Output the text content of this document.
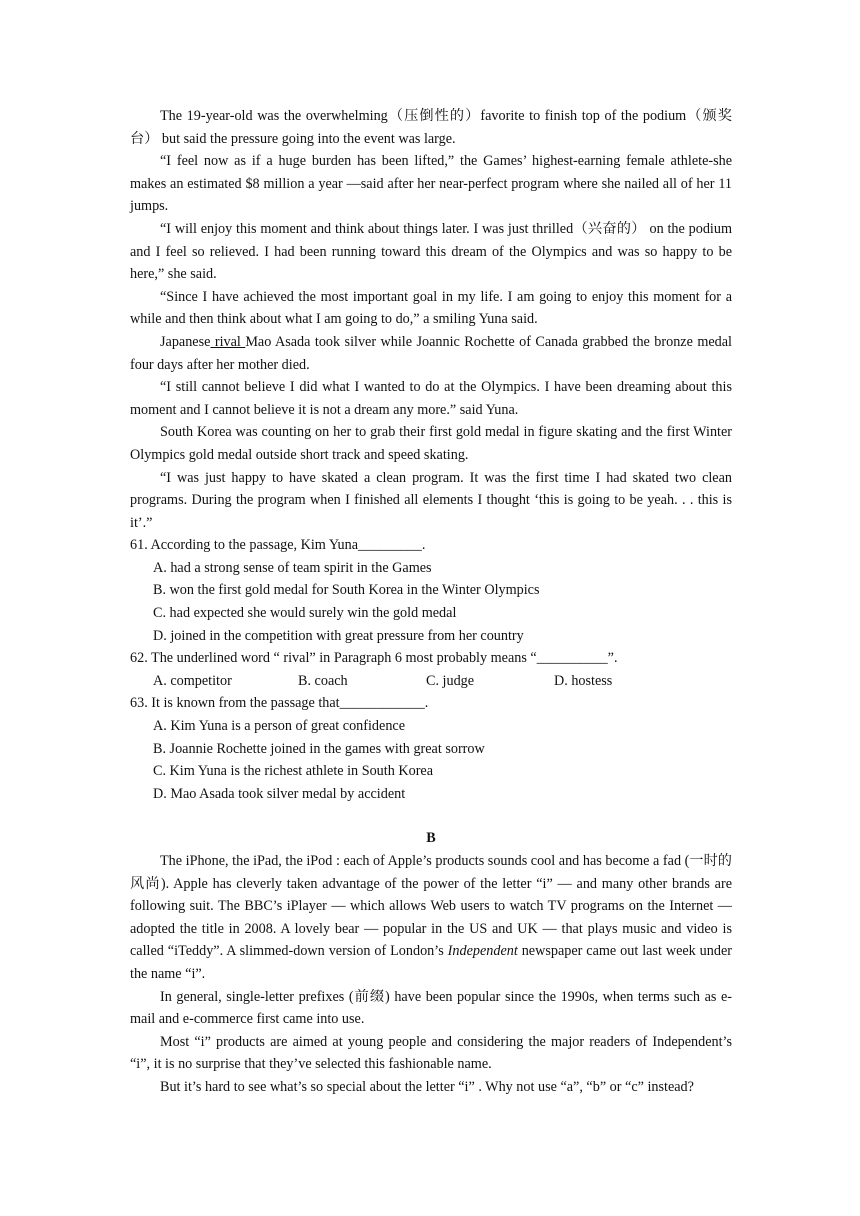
The 19-year-old was the overwhelming（压倒性的）favorite to finish top of the podium（颁奖台） but said the pressure going into the event was large.

“I feel now as if a huge burden has been lifted,” the Games’ highest-earning female athlete-she makes an estimated $8 million a year —said after her near-perfect program where she nailed all of her 11 jumps.

“I will enjoy this moment and think about things later. I was just thrilled（兴奋的） on the podium and I feel so relieved. I had been running toward this dream of the Olympics and was so happy to be here,” she said.

“Since I have achieved the most important goal in my life. I am going to enjoy this moment for a while and then think about what I am going to do,” a smiling Yuna said.

Japanese rival Mao Asada took silver while Joannic Rochette of Canada grabbed the bronze medal four days after her mother died.

“I still cannot believe I did what I wanted to do at the Olympics. I have been dreaming about this moment and I cannot believe it is not a dream any more.” said Yuna.

South Korea was counting on her to grab their first gold medal in figure skating and the first Winter Olympics gold medal outside short track and speed skating.

“I was just happy to have skated a clean program. It was the first time I had skated two clean programs. During the program when I finished all elements I thought ‘this is going to be yeah. . . this is it’.”

61. According to the passage, Kim Yuna_________.

A. had a strong sense of team spirit in the Games

B. won the first gold medal for South Korea in the Winter Olympics

C. had expected she would surely win the gold medal

D. joined in the competition with great pressure from her country

62. The underlined word “ rival” in Paragraph 6 most probably means “__________”.

A. competitor	B. coach	C. judge	D. hostess

63. It is known from the passage that____________.

A. Kim Yuna is a person of great confidence

B. Joannie Rochette joined in the games with great sorrow

C. Kim Yuna is the richest athlete in South Korea

D. Mao Asada took silver medal by accident

B

The iPhone, the iPad, the iPod : each of Apple’s products sounds cool and has become a fad (一时的风尚). Apple has cleverly taken advantage of the power of the letter “i” — and many other brands are following suit. The BBC’s iPlayer — which allows Web users to watch TV programs on the Internet — adopted the title in 2008. A lovely bear — popular in the US and UK — that plays music and video is called “iTeddy”. A slimmed-down version of London’s Independent newspaper came out last week under the name “i”.

In general, single-letter prefixes (前缀) have been popular since the 1990s, when terms such as e-mail and e-commerce first came into use.

Most “i” products are aimed at young people and considering the major readers of Independent’s “i”, it is no surprise that they’ve selected this fashionable name.

But it’s hard to see what’s so special about the letter “i” . Why not use “a”, “b” or “c” instead?
